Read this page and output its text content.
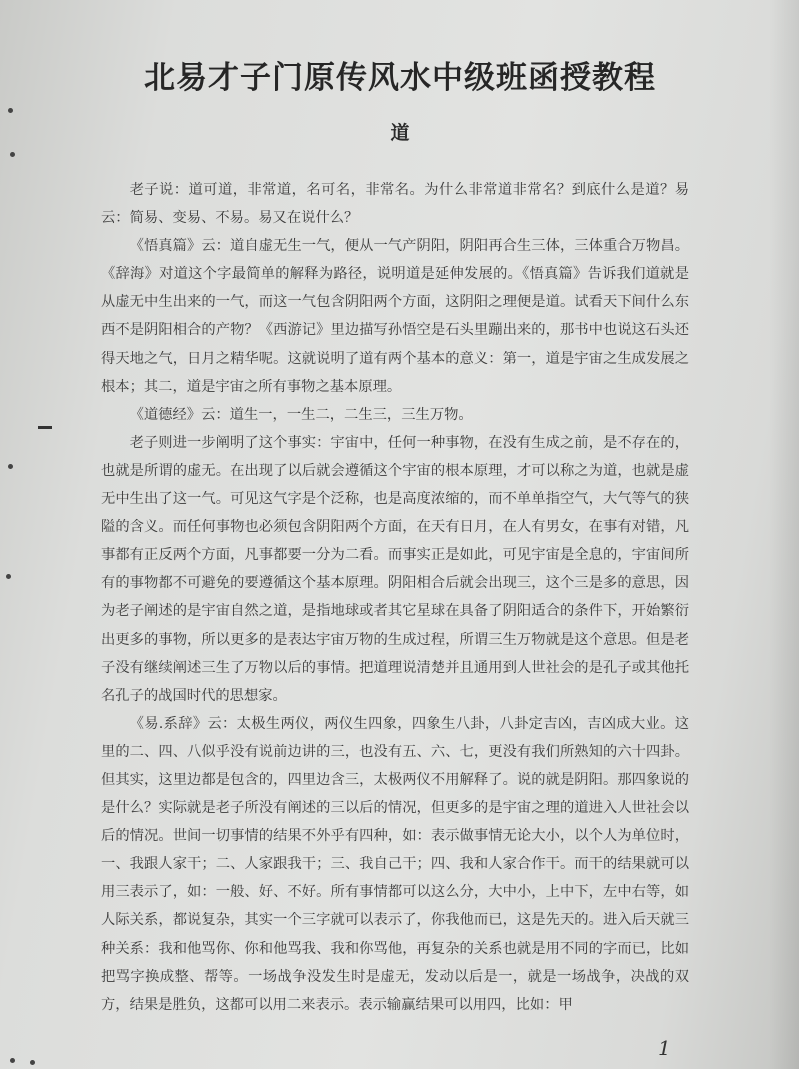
北易才子门原传风水中级班函授教程
道

老子说：道可道，非常道，名可名，非常名。为什么非常道非常名？到底什么是道？易云：简易、变易、不易。易又在说什么？

《悟真篇》云：道自虚无生一气，便从一气产阴阳，阴阳再合生三体，三体重合万物昌。《辞海》对道这个字最简单的解释为路径，说明道是延伸发展的。《悟真篇》告诉我们道就是从虚无中生出来的一气，而这一气包含阴阳两个方面，这阴阳之理便是道。试看天下间什么东西不是阴阳相合的产物？《西游记》里边描写孙悟空是石头里蹦出来的，那书中也说这石头还得天地之气，日月之精华呢。这就说明了道有两个基本的意义：第一，道是宇宙之生成发展之根本；其二，道是宇宙之所有事物之基本原理。

《道德经》云：道生一，一生二，二生三，三生万物。

老子则进一步阐明了这个事实：宇宙中，任何一种事物，在没有生成之前，是不存在的，也就是所谓的虚无。在出现了以后就会遵循这个宇宙的根本原理，才可以称之为道，也就是虚无中生出了这一气。可见这气字是个泛称，也是高度浓缩的，而不单单指空气，大气等气的狭隘的含义。而任何事物也必须包含阴阳两个方面，在天有日月，在人有男女，在事有对错，凡事都有正反两个方面，凡事都要一分为二看。而事实正是如此，可见宇宙是全息的，宇宙间所有的事物都不可避免的要遵循这个基本原理。阴阳相合后就会出现三，这个三是多的意思，因为老子阐述的是宇宙自然之道，是指地球或者其它星球在具备了阴阳适合的条件下，开始繁衍出更多的事物，所以更多的是表达宇宙万物的生成过程，所谓三生万物就是这个意思。但是老子没有继续阐述三生了万物以后的事情。把道理说清楚并且通用到人世社会的是孔子或其他托名孔子的战国时代的思想家。

《易.系辞》云：太极生两仪，两仪生四象，四象生八卦，八卦定吉凶，吉凶成大业。这里的二、四、八似乎没有说前边讲的三，也没有五、六、七，更没有我们所熟知的六十四卦。但其实，这里边都是包含的，四里边含三，太极两仪不用解释了。说的就是阴阳。那四象说的是什么？实际就是老子所没有阐述的三以后的情况，但更多的是宇宙之理的道进入人世社会以后的情况。世间一切事情的结果不外乎有四种，如：表示做事情无论大小，以个人为单位时，一、我跟人家干；二、人家跟我干；三、我自己干；四、我和人家合作干。而干的结果就可以用三表示了，如：一般、好、不好。所有事情都可以这么分，大中小，上中下，左中右等，如人际关系，都说复杂，其实一个三字就可以表示了，你我他而已，这是先天的。进入后天就三种关系：我和他骂你、你和他骂我、我和你骂他，再复杂的关系也就是用不同的字而已，比如把骂字换成整、帮等。一场战争没发生时是虚无，发动以后是一，就是一场战争，决战的双方，结果是胜负，这都可以用二来表示。表示输赢结果可以用四，比如：甲

1
